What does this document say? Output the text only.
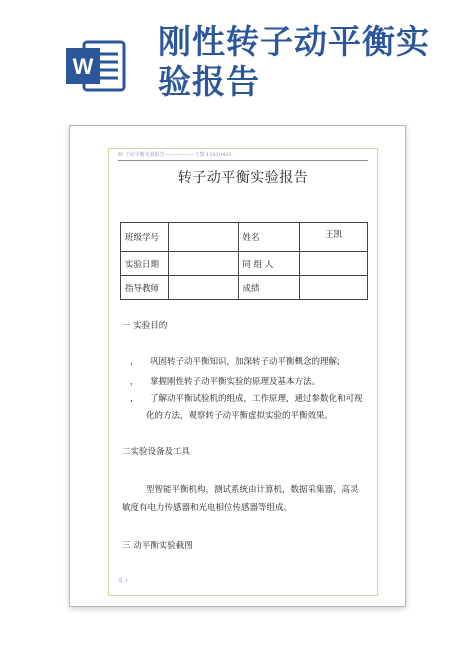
W
刚性转子动平衡实
验报告
转 子动平衡实验报告——————王凯 11010431
转子动平衡实验报告
班级学号		姓名	王凯
实验日期		同 组 人	
指导教师		成绩	
一 实验目的
， 巩固转子动平衡知识，加深转子动平衡概念的理解;
， 掌握刚性转子动平衡实验的原理及基本方法。
， 了解动平衡试验机的组成，工作原理，通过参数化和可视
化的方法，观察转子动平衡虚拟实验的平衡效果。
二实验设备及工具
型智能平衡机构，测试系统由计算机，数据采集器，高灵
敏度有电力传感器和光电相位传感器等组成。
三 动平衡实验截图
页 1
